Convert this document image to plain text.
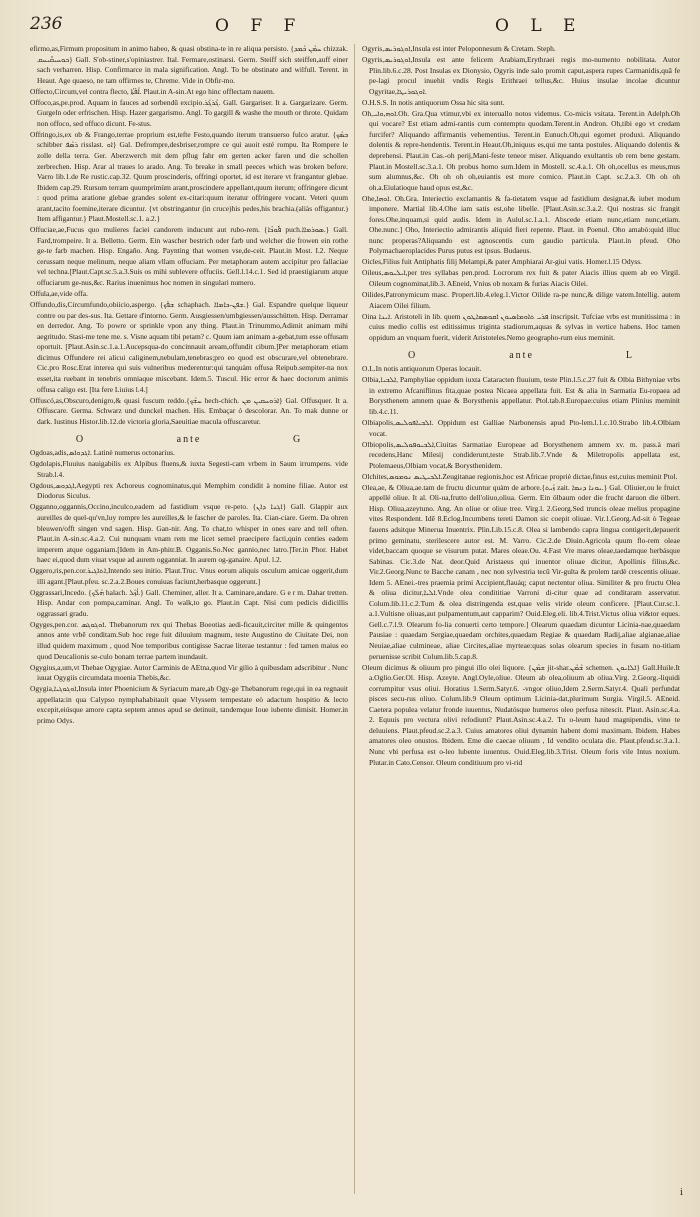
236	O F F	O L E

efirmo,as,Firmum propositum in animo habeo, & quasi obstina-te in re aliqua persisto. {ܚܡܶܢ ܟܰܡܕ chizzak. ܟܘܚܝܩܺܝܚܩ} Gall. S'ob-stiner,s'opiniastrer. Ital. Fermare,ostinarsi. Germ. Steiff sich steiffen,auff einer sach verharren. Hisp. Confirmarce in mala signification. Angl. To be obstinate and wilfull. Terent. in Heaut. Age quaeso, ne tam offirmes te, Chreme. Vide in Obfir-mo.

Offecto,Circum,vel contra flecto, ܐܳܦܰܬܳܐ. Plaut.in A-sin.At ego hinc offlectam nauem.

Offoco,as,pe.prod. Aquam in fauces ad sorbendū excipio.ܓܰܪܓܰܪ. Gall. Gargariser. It a. Gargarizare. Germ. Gurgeln oder erfrischen. Hisp. Hazer gargarismo. Angl. To gargill & washe the mouth or throte. Quidam non offoco, sed offuco dicunt. Fe-stus.

Offringo,is,ex ob & Frango,terrae proprium est,tefte Festo,quando iterum transuerso fulco aratur. {ܒܣܰܟ schibber ܪܣܶܦ risslast. ܐܘ} Gal. Defrompre,desbriser,rompre ce qui auoit esté rompu. Ita Rompere le zolle della terra. Ger. Aberzwerch mit dem pflug fahr em gerten acker faren und die schollen zerbrechen. Hisp. Arar al traues lo arado. Ang. To breake in small peeces which was broken before. Varro lib.1.de Re rustic.cap.32. Quum proscinderis, offringi oportet, id est iterare vt frangantur glebae. Ibidem cap.29. Rursum terram quumprimùm arant,proscindere appellant,quum iterum; offringere dicunt : quod prima aratione glebae grandes solent ex-citari:quum iteratur offringere vocant. Veteri quum arant,tacito foemine,iterare dicuntur. {vt obstringantur (in cruce)his pedes,his brachia.(aliàs offigantur.) Item affigantur.} Plaut.Mostell.sc.1. a.2.}

Offuciae,ae,Fucus quo mulieres faciei candorem inducunt aut rubo-rem. {ܦܽܘܟܳܐ puch.ܣܘܪܡܐܐ.} Gall. Fard,trompeire. It a. Belletto. Germ. Ein wascher bestrich oder farb und welcher die frowen ein rothe ge-te farb machen. Hisp. Engaño. Ang. Paynting that women vse,de-ceit. Plaut.in Most. I.2. Neque cerussam neque melinum, neque aliam vllam offuciam. Per metaphoram autem accipitur pro fallaciae vel techna.[Plaut.Capt.sc.5.a.3.Suis os mihi sublevere offuciis. Gell.l.14.c.1. Sed id praestigiarum atque offuciarum ge-nus,&c. Rarius inuenimus hoc nomen in singulari numero.

Offula,ae,vide offa.

Offundo,dis,Circumfundo,obiicio,aspergo. {ܫܦܰܟ schaphach. ܫܦܢ-ܟܐܡܐܐ.} Gal. Espandre quelque liqueur contre ou par des-sus. Ita. Gettare d'intorno. Germ. Ausgiessen/umbgiessen/ausschütten. Hisp. Derramar en derredor. Ang. To powre or sprinkle vpon any thing. Plaut.in Trinummo,Adimit animam mihi aegritudo. Stasi-me tene me. s. Visne aquam tibi petam? c. Quum iam animam a-gebat,tum esse offusam oportuit. [Plaut.Asin.sc.1.a.1.Aucepsqua-do concinnauit aream,offundit cibum.]Per metaphoram etiam dicimus Offundere rei alicui caliginem,nebulam,tenebras;pro eo quod est obscurare,vel obtenebrare. Cic.pro Rosc.Erat interea qui suis vulneribus mederentur:qui tanquàm offusa Reipub.sempiter-na nox esset,ita ruebant in tenebris omniaque miscebant. Idem.5. Tuscul. Hic error & haec doctorum animis offusa caligo est. [Ita fere Liuius l.4.]

Offuscó,as,Obscuro,denigro,& quasi fuscum reddo.{ܚܫܶܟ hech-chich. ܐܪܘܚܩܝܢ ܡܢ} Gal. Offusquer. It a. Offuscare. Germa. Schwarz und dunckel machen. His. Embaçar ó descolorar. An. To mak dunne or dark. Iustinus Histor.lib.12.de victoria gloria,Saeuitiae macula offuscaretur.

O	ante	G

Ogdoas,adis,ܐܓܕܘܐܣ. Latinè numerus octonarius.

Ogdolapis,Fluuius nauigabilis ex Alpibus fluens,& iuxta Segesti-cam vrbem in Saum irrumpens. vide Strab.l.4.

Ogdous,ܐܓܕܘܣ,Aegypti rex Achoreus cognominatus,qui Memphim condidit à nomine filiae. Autor est Diodorus Siculus.

Ogganno,oggannis,Occino,inculco,eadem ad fastidium vsque re-peto. {ܐܓܢܐ ܕܐܢ} Gall. Glappir aux aureilles de quel-qu'vn,luy rompre les aureilles,& le fascher de paroles. Ita. Cian-ciare. Germ. Da ohren bleuwen/offt singen vnd sagen. Hisp. Gan-nir. Ang. To chat,to whisper in ones eare and tell often. Plaut.in A-sin.sc.4.a.2. Cui nunquam vnam rem me licet semel praecipere facti,quin centies eadem imperem atque ogganiam.[Idem in Am-phitr.B. Ogganis.So.Nec gannio,nec latro.]Ter.in Phor. Habet haec ei,quod dum viuat vsque ad aurem ogganniat. In aurem og-ganaire. Apul. l.2.

Oggero,ris,pen.cor.ܐܬܐܓܝܪ,Intendo seu initio. Plaut.Truc. Vnus eorum aliquis osculum amicae oggerit,dum illi agant.[Plaut.pfeu. sc.2.a.2.Boues conuiuas faciunt,herbasque oggerunt.]

Oggrassari,Incedo. {ܗܰܠܶܟ halach. ܐܳܙܰܠ.} Gall. Cheminer, aller. It a. Caminare,andare. G e r m. Dahar tretten. Hisp. Andar con pompa,caminar. Angl. To walk,to go. Plaut.in Capt. Nisi cum pedicis didicillis oggrassari gradu.

Ogyges,pen.cor. ܐܘܓܘܓܣ. Thebanorum rex qui Thebas Boeotias aedi-ficauit,circiter mille & quingentos annos ante vrbē conditam.Sub hoc rege fuit diluuium magnum, teste Augustino de Ciuitate Dei, non illud quidem maximum , quod Noe temporibus contigisse Sacrae literae testantur : fed tamen maius eo quod Deucalionis se-culo bonam terrae partem inundauit.

Ogygius,a,um,vt Thebae Ogygiae. Autor Carminis de AEtna,quod Vir gilio à quibusdam adscribitur . Nunc iuuat Ogygiis circumdata moenia Thebis,&c.

Ogygia,ܐܘܓܘܓܝܐ,Insula inter Phoenicium & Syriacum mare,ab Ogy-ge Thebanorum rege,qui in ea regnauit appellata:in qua Calypso nymphahabitauit quae Vlyssem tempestate eò adactum hospitio & lecto excepit,eiúsque amore capta septem annos apud se detinuit, tandemque Ioue iubente dimisit. Homer.in primo Odys.

Ogyris,ܐܘܓܘܪܝܣ,Insula est inter Peloponnesum & Cretam. Steph.

Ogyris,ܐܘܓܘܪܝܣ,Insula est ante felicem Arabiam,Erythraei regis mo-numento nobilitata. Autor Plin.lib.6.c.28. Post Insulas ex Dionysio, Ogyris inde salo promit caput,aspera rupes Carmanidis,quā fe pe-lagi procul inuehit vndis Regis Erithraei tellus,&c. Huius insulae incolae dicuntur Ogyritae,ܐܘܓܘܪܝܛܐ.

O.H.S.S. In notis antiquorum Ossa hic sita sunt.

Oh,ܐܘܗ,ܘܐܝ.Oh. Gra.Qua vtimur,vbi ex interuallo notos videmus. Co-micis vsitata. Terent.in Adelph.Oh qui vocare? Est etiam admi-rantis cum contemptu quodam.Terent.in Andron. Oh,tibi ego vt credam furcifer? Aliquando affirmantis vehementius. Terent.in Eunuch.Oh,qui egomet produxi. Aliquando dolentis & repre-hendentis. Terent.in Heaut.Oh,iniquus es,qui me tanta postules. Aliquando dolentis & deprehensi. Plaut.in Cas.-oh perij,Mani-feste teneor miser. Aliquando exultantis ob rem bene gestam. Plaut.in Mostell.sc.3.a.1. Oh probus homo sum.Idem in Mostell. sc.4.a.1. Oh oh,ocellus es meus,mus sum alumnus,&c. Oh oh oh oh,euiantis est more comico. Plaut.in Capt. sc.2.a.3. Oh oh oh oh.a.Eiulatioque haud opus est,&c.

Ohe,ܐܘܗܐ. Oh.Gra. Interiectio exclamantis & fa-tietatem vsque ad fastidium designat,& iubet modum imponere. Martial lib.4.Ohe iam satis est,ohe libelle. [Plaut.Asin.sc.3.a.2. Qui nostras sic frangit fores.Ohe,inquam,si quid audis. Idem in Aulul.sc.1.a.1. Abscede etiam nunc,etiam nunc,etiam. Ohe.nunc.] Oho, Interiectio admirantis aliquid fieri repente. Plaut. in Poenul. Oho amabò:quid illuc nunc properas?Aliquando est agnoscentis cum gaudio particula. Plaut.in pfeud. Oho Polymachaeroplacides Purus putus est ipsus. Budaeus.

Oicles,Filius fuit Antiphatis filij Melampi,& pater Amphiarai Ar-giui vatis. Homer.l.15 Odyss.

Oileus,ܐܝܠܝܘܣ,per tres syllabas pen.prod. Locrorum rex fuit & pater Aiacis illius quem ab eo Virgil. Oileum cognominat,lib.3. AEneid, Vnius ob noxam & furias Aiacis Oilei.

Oilides,Patronymicum masc. Propert.lib.4.eleg.1.Victor Oilide ra-pe nunc,& dilige vatem.Intellig. autem Aiacem Oilei filium.

Oina ܐܝܢܐ. Aristoteli in lib. quem ܦܪܝ ܬܐܘܡܐܣܝܘܢ ܐܩܘܣܡܐܛܘܢ inscripsit. Tufciae vrbs est munitissima : in cuius medio collis est editissimus triginta stadiorum,aquas & sylvas in vertice habens. Hoc tamen oppidum an vnquam fuerit, viderit Aristoteles.Nemo geographo-rum eius meminit.

O	ante	L

O.L.In notis antiquorum Operas locauit.

Olbia,ܐܠܒܝܐ, Pamphyliae oppidum iuxta Cataracten fluuium, teste Plin.l.5.c.27 fuit & Olbia Bithyniae vrbs in extremo Afcaniflinus fita,quae postea Nicaea appellata fuit. Est & alia in Sarmatia Eu-ropaea ad Borysthenem amnem quae & Borysthenis appellatur. Ptol.tab.8.Europae:cuius etiam Plinius meminit lib.4.c.11.

Olbiapolis,ܐܠܒܝܐܦܘܠܝܣ. Oppidum est Galliae Narbonensis apud Pto-lem.l.1.c.10.Strabo lib.4.Olbiam vocat.

Olbiopolis,ܐܠܒܝܘܦܘܠܝܣ,Ciuitas Sarmatiae Europeae ad Borysthenem amnem xv. m. pass.à mari recedens,Hanc Milesij condiderunt,teste Strab.lib.7.Vnde & Miletropolis appellata est, Ptolemaeus,Olbiam vocat,& Borysthenidem.

Olchites,ܐܠܟܝܛܝܣ ܢܘܡܘܣ.Zeugitanae regionis,hoc est Africae propriè dictae,finus est,cuius meminit Ptol.

Olea,ae, & Oliua,ae.tam de fructu dicuntur quàm de arbore.{ܙܰܝܬ zait. ܝܘܢܐ ܕܢܡܐ.} Gal. Oliuier,ou le fruict appellé oliue. It al. Oli-ua,frutto dell'oliuo,oliua. Germ. Ein ölbaum oder die frucht daruon die ölbert. Hisp. Oliua,azeytuno. Ang. An oliue or oliue tree. Virg.l. 2.Georg.Sed truncis oleae melius propagine vites Respondent. Idē 8.Eclog.Incumbens tereti Damon sic coepit oliuae. Vir.1.Georg.Ad-sit ò Tegeae fauens adsitque Minerua Inuentrix. Plin.Lib.15.c.8. Olea si lambendo capra lingua contigerit,depauerit primo geminatu, sterilescere autor est. M. Varro. Cic.2.de Diuin.Agricola quum flo-rem oleae videt,baccam quoque se visurum putat. Mares oleae.Ou. 4.Fast Vre mares oleae,taedamque herbásque Sabinas. Cic.3.de Nat. deor.Quid Aristaeus qui inuentor oliuae dicitur, Apollinis filius,&c. Vir.2.Georg.Nunc te Bacche canam , nec non sylvestria tecū Vir-gulta & prolem tardè crescentis oliuae. Idem 5. AEnei.-tres praemia primi Accipient,flauáq; caput nectentur oliua. Similiter & pro fructu Olea & oliua dicitur,ܐܠܝܐ.Vnde olea condititiae Varroni di-citur quae ad conditaram asservatur. Colum.lib.11.c.2.Tum & olea distringenda est,quae velis viride oleum conficere. [Plaut.Cur.sc.1. a.1.Vultisne oliuas,aut pulpamentum,aut capparim? Ouid.Eleg.eli. lib.4.Trist.Victus oliua vi&tor eques. Gell.c.7.l.9. Olearum fo-lia conuerti certo tempore.] Olearum quaedam dicuntur Licinia-nae,quaedam Pausiae : quaedam Sergiae,quaedam orchites,quaedam Regiae & quaedam Radij,aliae algianae,aliae Neuiae,aliae culmineae, aliae Circites,aliae myrteae:quas solas olearum species in fusam no-titiam peruenisse scribit Colum.lib.5.cap.8.

Oleum dicimus & oliuum pro pingui illo olei liquore. {ܫܡܶܢ jit-shar.ܫܶܡܶܢ schemen. ܐܠܐܝܘܢ} Gall.Huile.It a.Oglio.Ger.Ol. Hisp. Azeyte. Angl.Oyle,oliue. Oleum ab olea,oliuum ab oliua.Virg. 2.Georg.-liquidi corrumpitur vsus oliui. Horatius 1.Serm.Satyr.6. -vngor oliuo,Idem 2.Serm.Satyr.4. Quali perfundat pisces secu-rus oliuo. Colum.lib.9 Oleum optimum Licinia-dat,plurimum Surgia. Virgil.5. AEneid. Caetera populea velatur fronde iuuentus, Nudatósque humeros oleo perfusa nitescit. Plaut. Asin.sc.4.a. 2. Equuis pro vectura olivi refodiunt? Plaut.Asin.sc.4.a.2. Tu o-leum haud magnipendis, vino te deluuiens. Plaut.pfeud.sc.2.a.3. Cuius amatores oliui dynamin habent domi maximam. Ibidem. Habes amatores oleo onustos. Ibidem. Eme die caecae oliuum , Id vendito oculata die. Plaut.pfeud.sc.3.a.1. Nunc vbi perfusa est o-leo lubente iuuentus. Ouid.Eleg.lib.3.Trist. Oleum foris vile Intus noxium. Plutar.in Cato.Censor. Oleum conditiuum pro vi-rid

i
